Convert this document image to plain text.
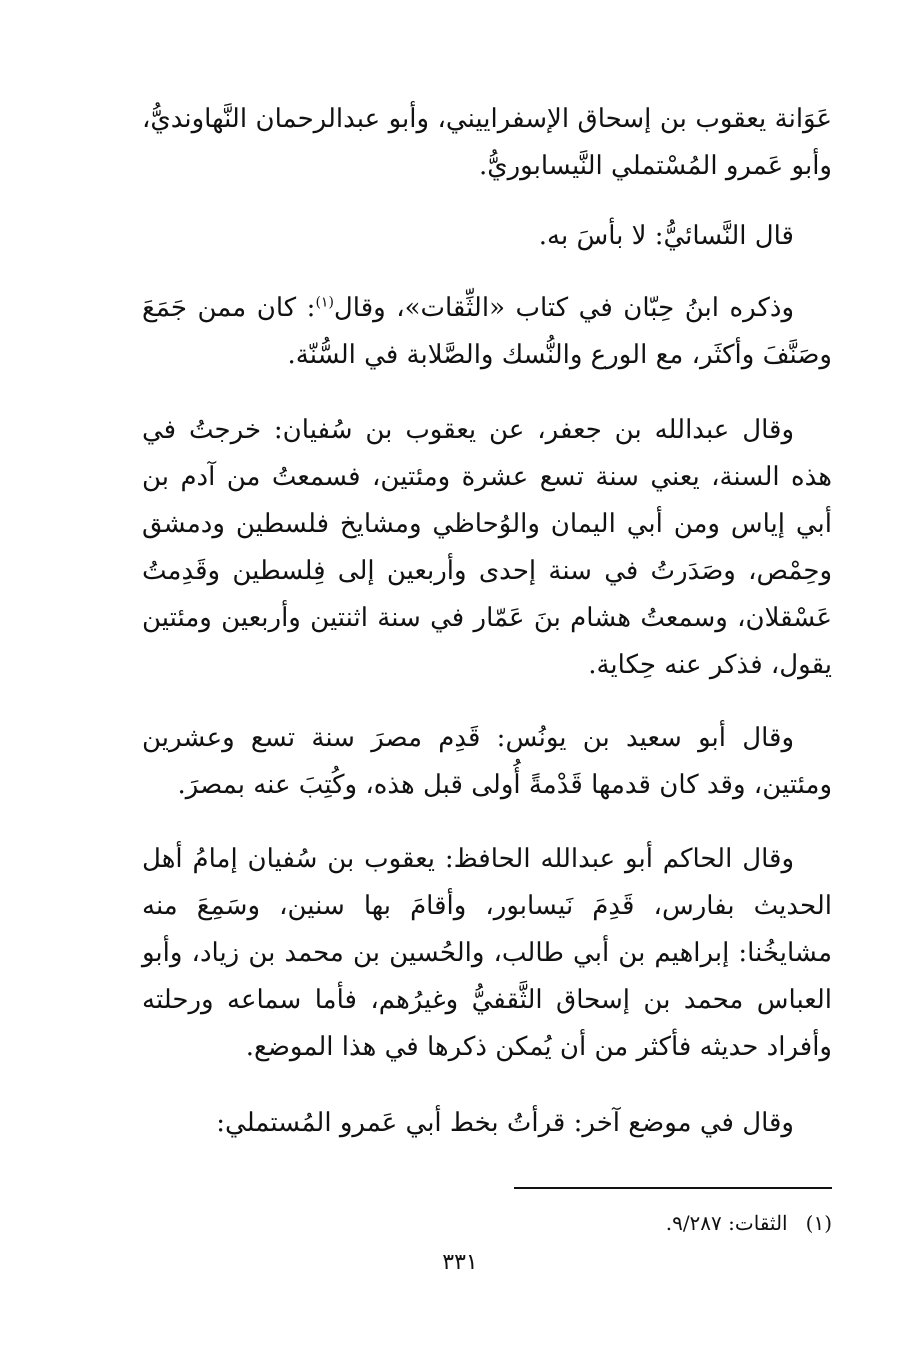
عَوَانة يعقوب بن إسحاق الإسفراييني، وأبو عبدالرحمان النَّهاونديُّ، وأبو عَمرو المُسْتملي النَّيسابوريُّ.

قال النَّسائيُّ: لا بأسَ به.

وذكره ابنُ حِبّان في كتاب «الثِّقات»، وقال$^{(١)}$: كان ممن جَمَعَ وصَنَّفَ وأكثَر، مع الورع والنُّسك والصَّلابة في السُّنّة.

وقال عبدالله بن جعفر، عن يعقوب بن سُفيان: خرجتُ في هذه السنة، يعني سنة تسع عشرة ومئتين، فسمعتُ من آدم بن أبي إياس ومن أبي اليمان والوُحاظي ومشايخ فلسطين ودمشق وحِمْص، وصَدَرتُ في سنة إحدى وأربعين إلى فِلسطين وقَدِمتُ عَسْقلان، وسمعتُ هشام بنَ عَمّار في سنة اثنتين وأربعين ومئتين يقول، فذكر عنه حِكاية.

وقال أبو سعيد بن يونُس: قَدِم مصرَ سنة تسع وعشرين ومئتين، وقد كان قدمها قَدْمةً أُولى قبل هذه، وكُتِبَ عنه بمصرَ.

وقال الحاكم أبو عبدالله الحافظ: يعقوب بن سُفيان إمامُ أهل الحديث بفارس، قَدِمَ نَيسابور، وأقامَ بها سنين، وسَمِعَ منه مشايخُنا: إبراهيم بن أبي طالب، والحُسين بن محمد بن زياد، وأبو العباس محمد بن إسحاق الثَّقفيُّ وغيرُهم، فأما سماعه ورحلته وأفراد حديثه فأكثر من أن يُمكن ذكرها في هذا الموضع.

وقال في موضع آخر: قرأتُ بخط أبي عَمرو المُستملي:

(١)الثقات: ٩/٢٨٧.
٣٣١
